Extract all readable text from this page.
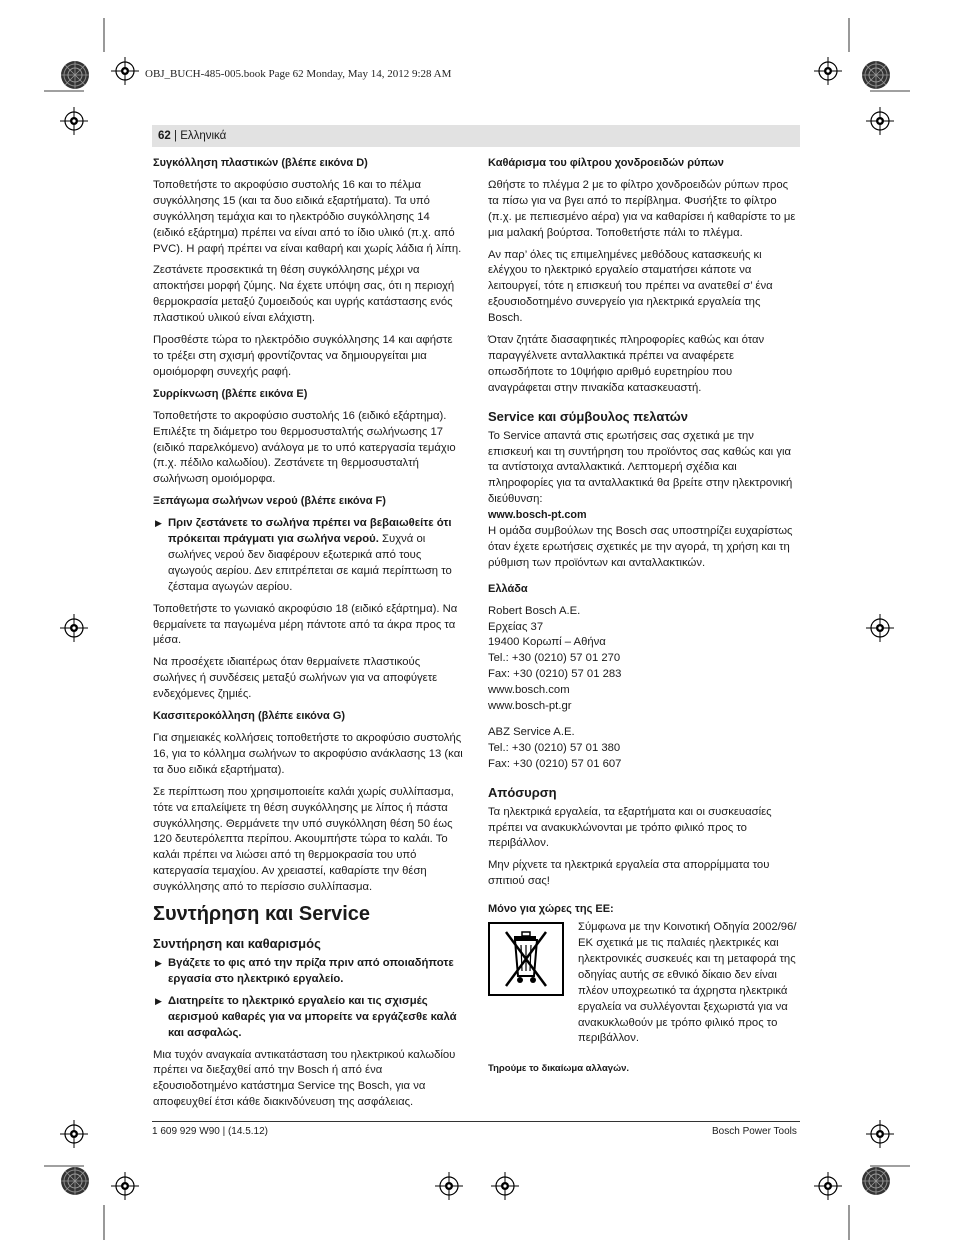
OBJ_BUCH-485-005.book Page 62 Monday, May 14, 2012 9:28 AM
62 | Ελληνικά
Συγκόλληση πλαστικών (βλέπε εικόνα D)

Τοποθετήστε το ακροφύσιο συστολής 16 και το πέλμα συγκόλλησης 15 (και τα δυο ειδικά εξαρτήματα). Τα υπό συγκόλληση τεμάχια και το ηλεκτρόδιο συγκόλλησης 14 (ειδικό εξάρτημα) πρέπει να είναι από το ίδιο υλικό (π.χ. από PVC). Η ραφή πρέπει να είναι καθαρή και χωρίς λάδια ή λίπη.

Ζεστάνετε προσεκτικά τη θέση συγκόλλησης μέχρι να αποκτήσει μορφή ζύμης. Να έχετε υπόψη σας, ότι η περιοχή θερμοκρασία μεταξύ ζυμοειδούς και υγρής κατάστασης ενός πλαστικού υλικού είναι ελάχιστη.

Προσθέστε τώρα το ηλεκτρόδιο συγκόλλησης 14 και αφήστε το τρέξει στη σχισμή φροντίζοντας να δημιουργείται μια ομοιόμορφη συνεχής ραφή.

Συρρίκνωση (βλέπε εικόνα E)

Τοποθετήστε το ακροφύσιο συστολής 16 (ειδικό εξάρτημα). Επιλέξτε τη διάμετρο του θερμοσυσταλτής σωλήνωσης 17 (ειδικό παρελκόμενο) ανάλογα με το υπό κατεργασία τεμάχιο (π.χ. πέδιλο καλωδίου). Ζεστάνετε τη θερμοσυσταλτή σωλήνωση ομοιόμορφα.

Ξεπάγωμα σωλήνων νερού (βλέπε εικόνα F)
▶ Πριν ζεστάνετε το σωλήνα πρέπει να βεβαιωθείτε ότι πρόκειται πράγματι για σωλήνα νερού. Συχνά οι σωλήνες νερού δεν διαφέρουν εξωτερικά από τους αγωγούς αερίου. Δεν επιτρέπεται σε καμιά περίπτωση το ζέσταμα αγωγών αερίου.

Τοποθετήστε το γωνιακό ακροφύσιο 18 (ειδικό εξάρτημα). Να θερμαίνετε τα παγωμένα μέρη πάντοτε από τα άκρα προς τα μέσα.

Να προσέχετε ιδιαιτέρως όταν θερμαίνετε πλαστικούς σωλήνες ή συνδέσεις μεταξύ σωλήνων για να αποφύγετε ενδεχόμενες ζημιές.

Κασσιτεροκόλληση (βλέπε εικόνα G)

Για σημειακές κολλήσεις τοποθετήστε το ακροφύσιο συστολής 16, για το κόλλημα σωλήνων το ακροφύσιο ανάκλασης 13 (και τα δυο ειδικά εξαρτήματα).

Σε περίπτωση που χρησιμοποιείτε καλάι χωρίς συλλίπασμα, τότε να επαλείψετε τη θέση συγκόλλησης με λίπος ή πάστα συγκόλλησης. Θερμάνετε την υπό συγκόλληση θέση 50 έως 120 δευτερόλεπτα περίπου. Ακουμπήστε τώρα το καλάι. Το καλάι πρέπει να λιώσει από τη θερμοκρασία του υπό κατεργασία τεμαχίου. Αν χρειαστεί, καθαρίστε την θέση συγκόλλησης από το περίσσιο συλλίπασμα.

Συντήρηση και Service
Συντήρηση και καθαρισμός
▶ Βγάζετε το φις από την πρίζα πριν από οποιαδήποτε εργασία στο ηλεκτρικό εργαλείο.
▶ Διατηρείτε το ηλεκτρικό εργαλείο και τις σχισμές αερισμού καθαρές για να μπορείτε να εργάζεσθε καλά και ασφαλώς.

Μια τυχόν αναγκαία αντικατάσταση του ηλεκτρικού καλωδίου πρέπει να διεξαχθεί από την Bosch ή από ένα εξουσιοδοτημένο κατάστημα Service της Bosch, για να αποφευχθεί έτσι κάθε διακινδύνευση της ασφάλειας.

Καθάρισμα του φίλτρου χονδροειδών ρύπων

Ωθήστε το πλέγμα 2 με το φίλτρο χονδροειδών ρύπων προς τα πίσω για να βγει από το περίβλημα. Φυσήξτε το φίλτρο (π.χ. με πεπιεσμένο αέρα) για να καθαρίσει ή καθαρίστε το με μια μαλακή βούρτσα. Τοποθετήστε πάλι το πλέγμα.

Αν παρ’ όλες τις επιμελημένες μεθόδους κατασκευής κι ελέγχου το ηλεκτρικό εργαλείο σταματήσει κάποτε να λειτουργεί, τότε η επισκευή του πρέπει να ανατεθεί σ’ ένα εξουσιοδοτημένο συνεργείο για ηλεκτρικά εργαλεία της Bosch.

Όταν ζητάτε διασαφητικές πληροφορίες καθώς και όταν παραγγέλνετε ανταλλακτικά πρέπει να αναφέρετε οπωσδήποτε το 10ψήφιο αριθμό ευρετηρίου που αναγράφεται στην πινακίδα κατασκευαστή.

Service και σύμβουλος πελατών

Το Service απαντά στις ερωτήσεις σας σχετικά με την επισκευή και τη συντήρηση του προϊόντος σας καθώς και για τα αντίστοιχα ανταλλακτικά. Λεπτομερή σχέδια και πληροφορίες για τα ανταλλακτικά θα βρείτε στην ηλεκτρονική διεύθυνση:

www.bosch-pt.com

Η ομάδα συμβούλων της Bosch σας υποστηρίζει ευχαρίστως όταν έχετε ερωτήσεις σχετικές με την αγορά, τη χρήση και τη ρύθμιση των προϊόντων και ανταλλακτικών.

Ελλάδα

Robert Bosch A.E.

Ερχείας 37

19400 Κορωπί – Αθήνα

Tel.: +30 (0210) 57 01 270

Fax: +30 (0210) 57 01 283

www.bosch.com

www.bosch-pt.gr

ABZ Service A.E.

Tel.: +30 (0210) 57 01 380

Fax: +30 (0210) 57 01 607

Απόσυρση

Τα ηλεκτρικά εργαλεία, τα εξαρτήματα και οι συσκευασίες πρέπει να ανακυκλώνονται με τρόπο φιλικό προς το περιβάλλον.

Μην ρίχνετε τα ηλεκτρικά εργαλεία στα απορρίμματα του σπιτιού σας!

Μόνο για χώρες της ΕΕ:
Σύμφωνα με την Κοινοτική Οδηγία 2002/96/ΕΚ σχετικά με τις παλαιές ηλεκτρικές και ηλεκτρονικές συσκευές και τη μεταφορά της οδηγίας αυτής σε εθνικό δίκαιο δεν είναι πλέον υποχρεωτικό τα άχρηστα ηλεκτρικά εργαλεία να συλλέγονται ξεχωριστά για να ανακυκλωθούν με τρόπο φιλικό προς το περιβάλλον.

Τηρούμε το δικαίωμα αλλαγών.

1 609 929 W90 | (14.5.12)	Bosch Power Tools
